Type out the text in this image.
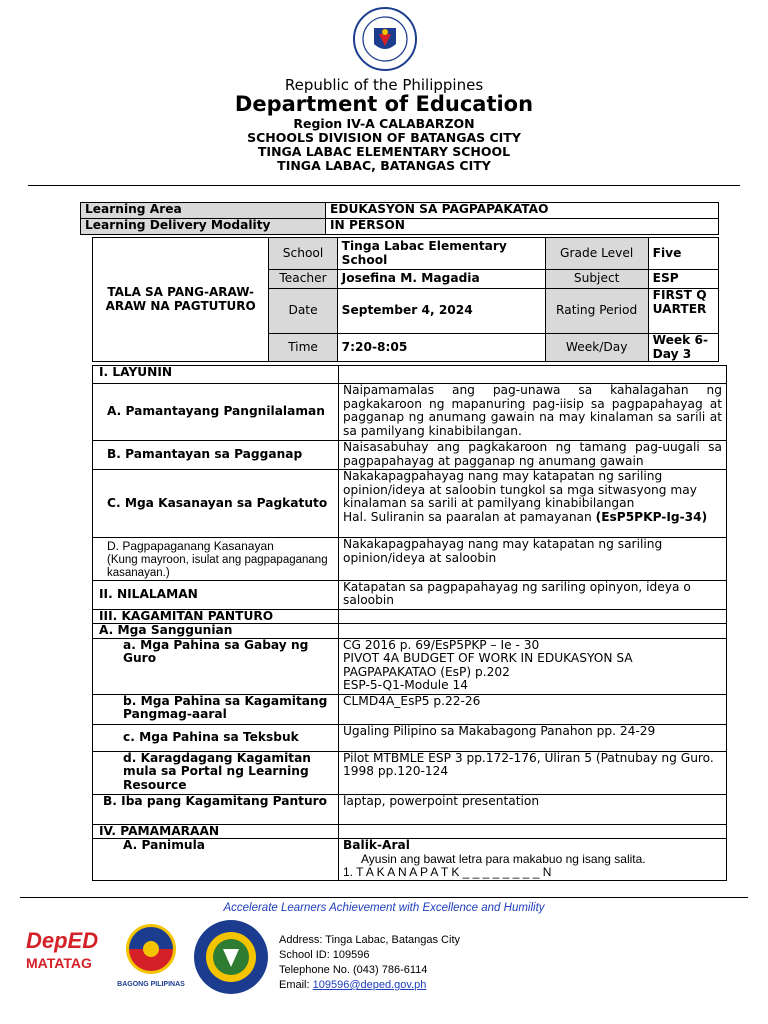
Republic of the Philippines
Department of Education
Region IV-A CALABARZON
SCHOOLS DIVISION OF BATANGAS CITY
TINGA LABAC ELEMENTARY SCHOOL
TINGA LABAC, BATANGAS CITY
Learning Area	EDUKASYON SA PAGPAPAKATAO
Learning Delivery Modality	IN PERSON
TALA SA PANG-ARAW-ARAW NA PAGTUTURO	School	Tinga Labac Elementary School	Grade Level	Five
	Teacher	Josefina M. Magadia	Subject	ESP
	Date	September 4, 2024	Rating Period	FIRST QUARTER
	Time	7:20-8:05	Week/Day	Week 6-Day 3
I. LAYUNIN	
A. Pamantayang Pangnilalaman	Naipamamalas ang pag-unawa sa kahalagahan ng pagkakaroon ng mapanuring pag-iisip sa pagpapahayag at pagganap ng anumang gawain na may kinalaman sa sarili at sa pamilyang kinabibilangan.
B. Pamantayan sa Pagganap	Naisasabuhay ang pagkakaroon ng tamang pag-uugali sa pagpapahayag at pagganap ng anumang gawain
C. Mga Kasanayan sa Pagkatuto	Nakakapagpahayag nang may katapatan ng sariling opinion/ideya at saloobin tungkol sa mga sitwasyong may kinalaman sa sarili at pamilyang kinabibilangan
Hal. Suliranin sa paaralan at pamayanan (EsP5PKP-Ig-34)

D. Pagpapaganang Kasanayan
(Kung mayroon, isulat ang pagpapaganang kasanayan.)	Nakakapagpahayag nang may katapatan ng sariling opinion/ideya at saloobin
II. NILALAMAN	Katapatan sa pagpapahayag ng sariling opinyon, ideya o saloobin
III. KAGAMITAN PANTURO	
A. Mga Sanggunian	
a. Mga Pahina sa Gabay ng Guro	CG 2016 p. 69/EsP5PKP – Ie - 30
PIVOT 4A BUDGET OF WORK IN EDUKASYON SA PAGPAPAKATAO (EsP) p.202
ESP-5-Q1-Module 14

b. Mga Pahina sa Kagamitang Pangmag-aaral	CLMD4A_EsP5 p.22-26
c. Mga Pahina sa Teksbuk	Ugaling Pilipino sa Makabagong Panahon pp. 24-29
d. Karagdagang Kagamitan mula sa Portal ng Learning Resource	Pilot MTBMLE ESP 3 pp.172-176, Uliran 5 (Patnubay ng Guro. 1998 pp.120-124
B. Iba pang Kagamitang Panturo	laptap, powerpoint presentation
IV. PAMAMARAAN	
A. Panimula	Balik-Aral
Ayusin ang bawat letra para makabuo ng isang salita.
1. T A K A N A P A T K _ _ _ _ _ _ _ _ N
Accelerate Learners Achievement with Excellence and Humility
DepED
MATATAG
BAGONG PILIPINAS
Address: Tinga Labac, Batangas City
School ID: 109596
Telephone No. (043) 786-6114
Email: 109596@deped.gov.ph
